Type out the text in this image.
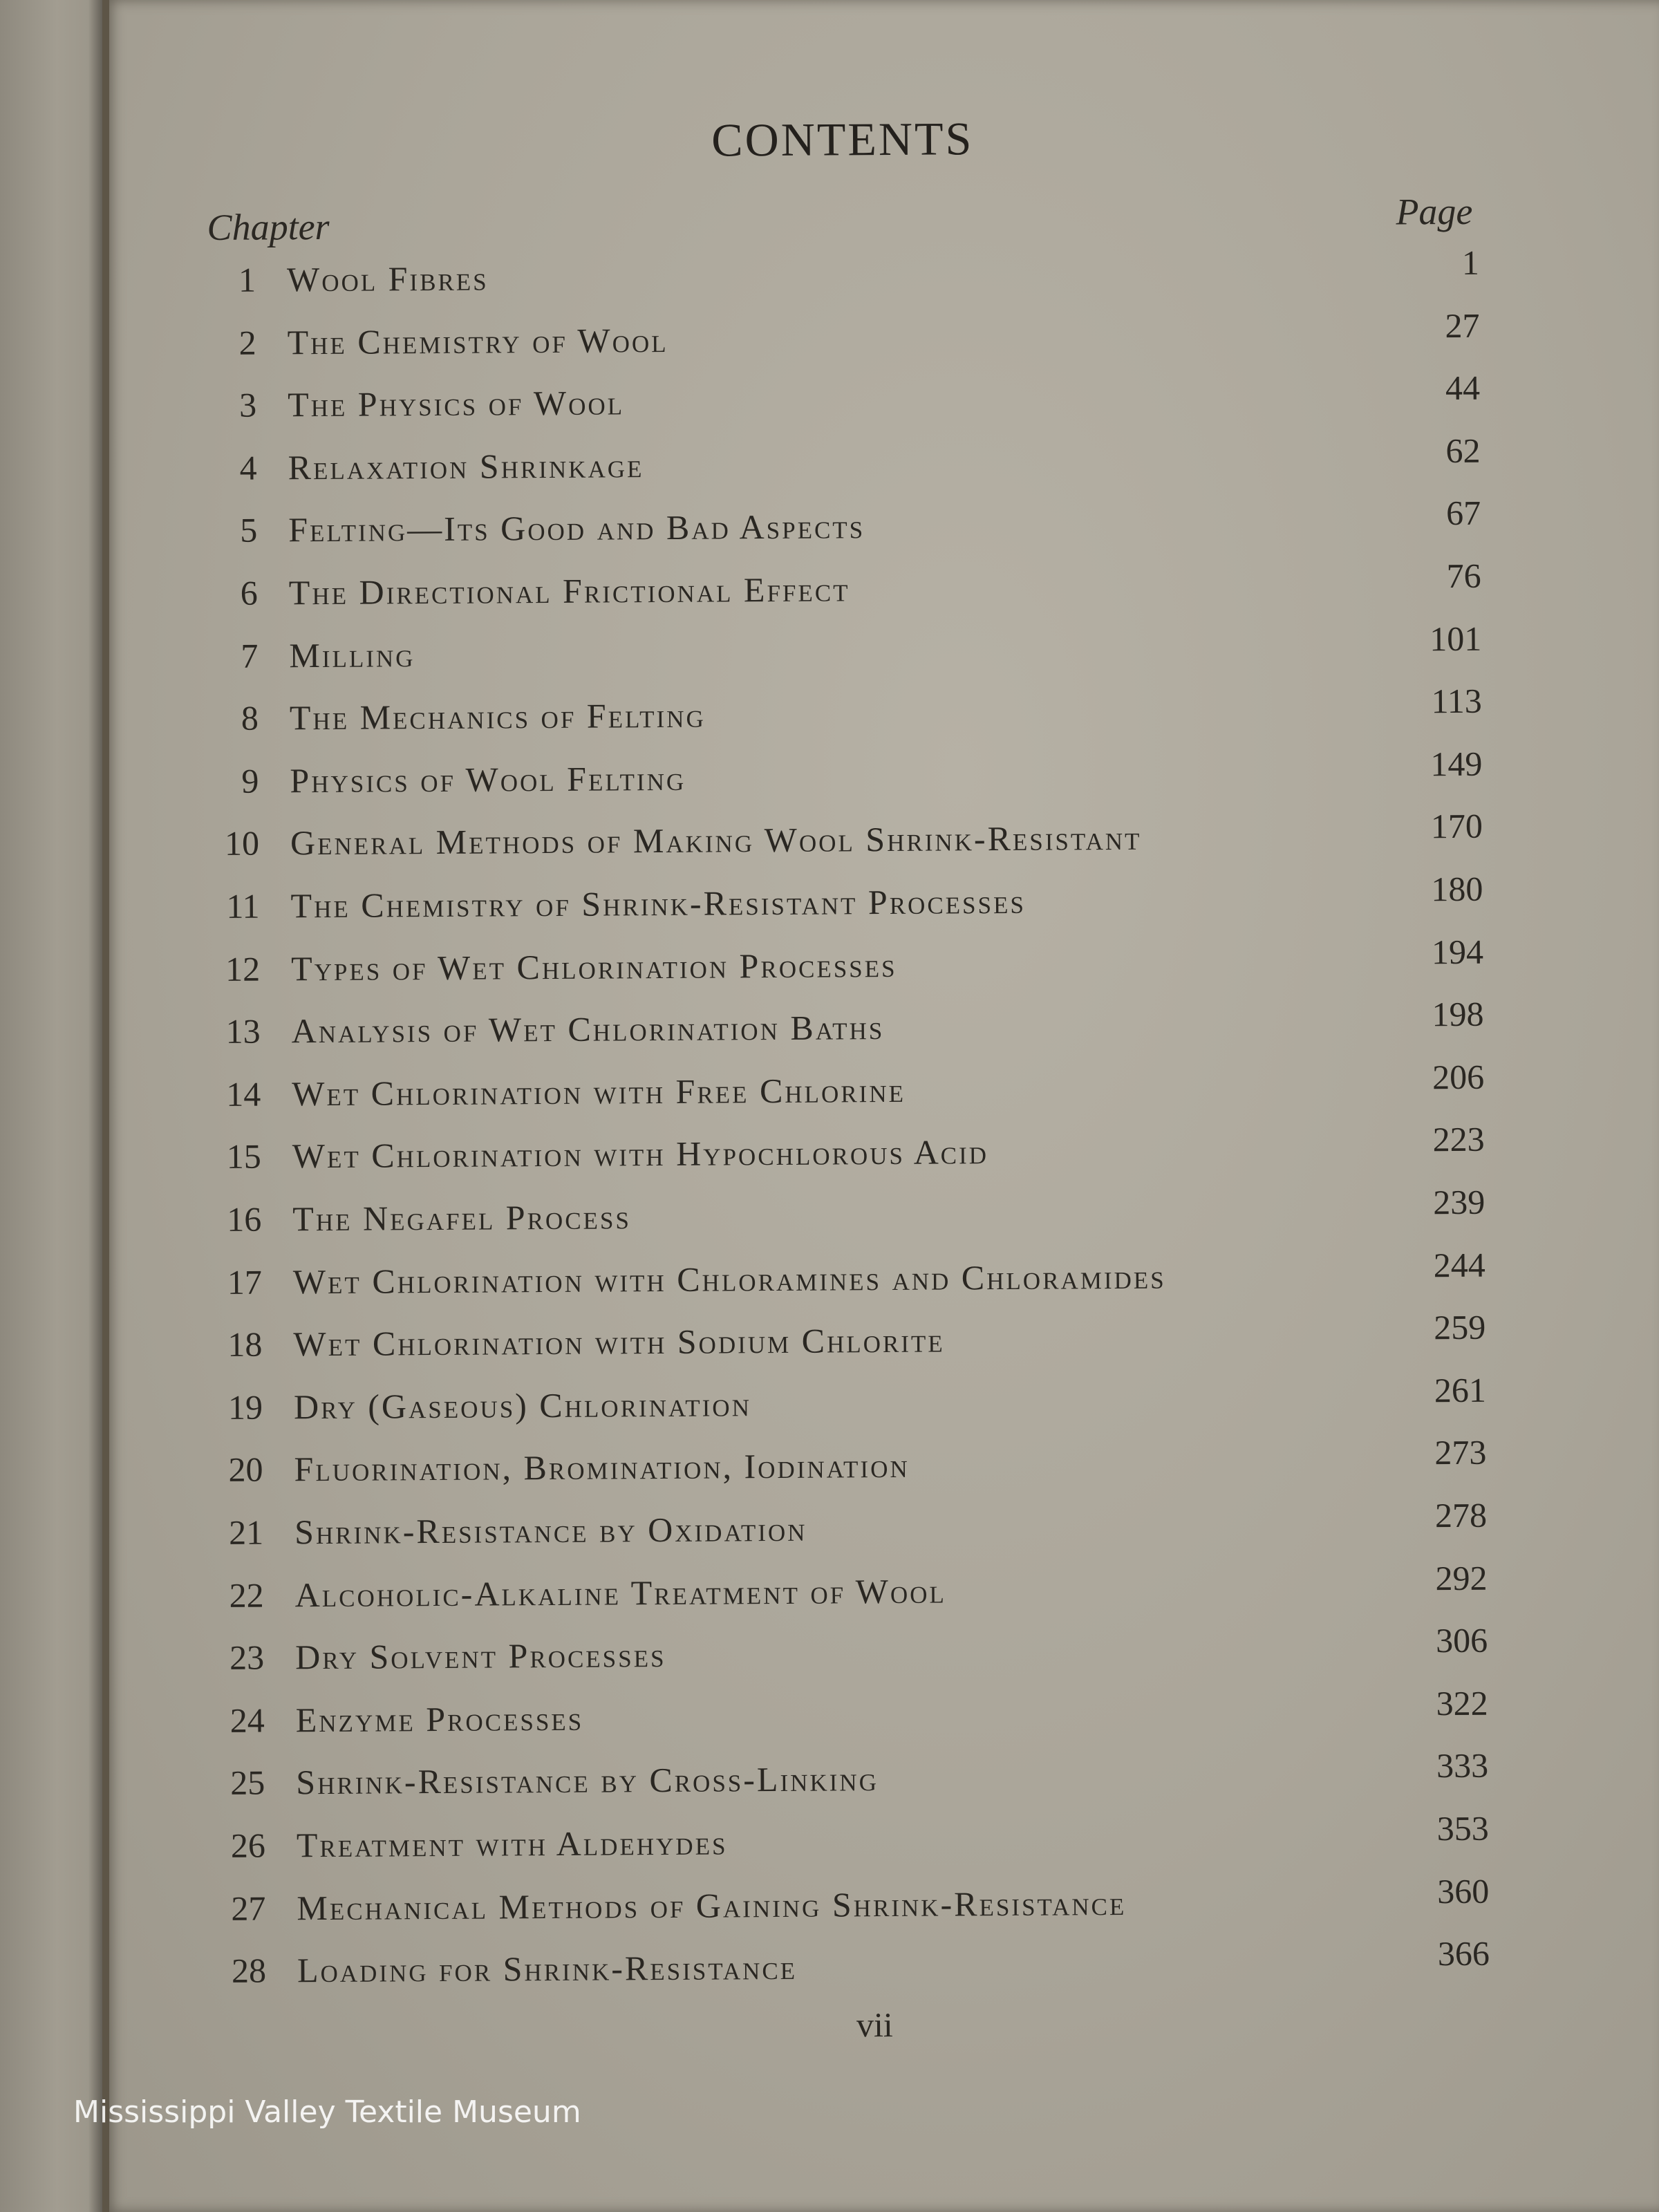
CONTENTS
Chapter	Page
1 Wool Fibres	1
2 The Chemistry of Wool	27
3 The Physics of Wool	44
4 Relaxation Shrinkage	62
5 Felting—Its Good and Bad Aspects	67
6 The Directional Frictional Effect	76
7 Milling	101
8 The Mechanics of Felting	113
9 Physics of Wool Felting	149
10 General Methods of Making Wool Shrink-Resistant	170
11 The Chemistry of Shrink-Resistant Processes	180
12 Types of Wet Chlorination Processes	194
13 Analysis of Wet Chlorination Baths	198
14 Wet Chlorination with Free Chlorine	206
15 Wet Chlorination with Hypochlorous Acid	223
16 The Negafel Process	239
17 Wet Chlorination with Chloramines and Chloramides	244
18 Wet Chlorination with Sodium Chlorite	259
19 Dry (Gaseous) Chlorination	261
20 Fluorination, Bromination, Iodination	273
21 Shrink-Resistance by Oxidation	278
22 Alcoholic-Alkaline Treatment of Wool	292
23 Dry Solvent Processes	306
24 Enzyme Processes	322
25 Shrink-Resistance by Cross-Linking	333
26 Treatment with Aldehydes	353
27 Mechanical Methods of Gaining Shrink-Resistance	360
28 Loading for Shrink-Resistance	366
vii
Mississippi Valley Textile Museum
